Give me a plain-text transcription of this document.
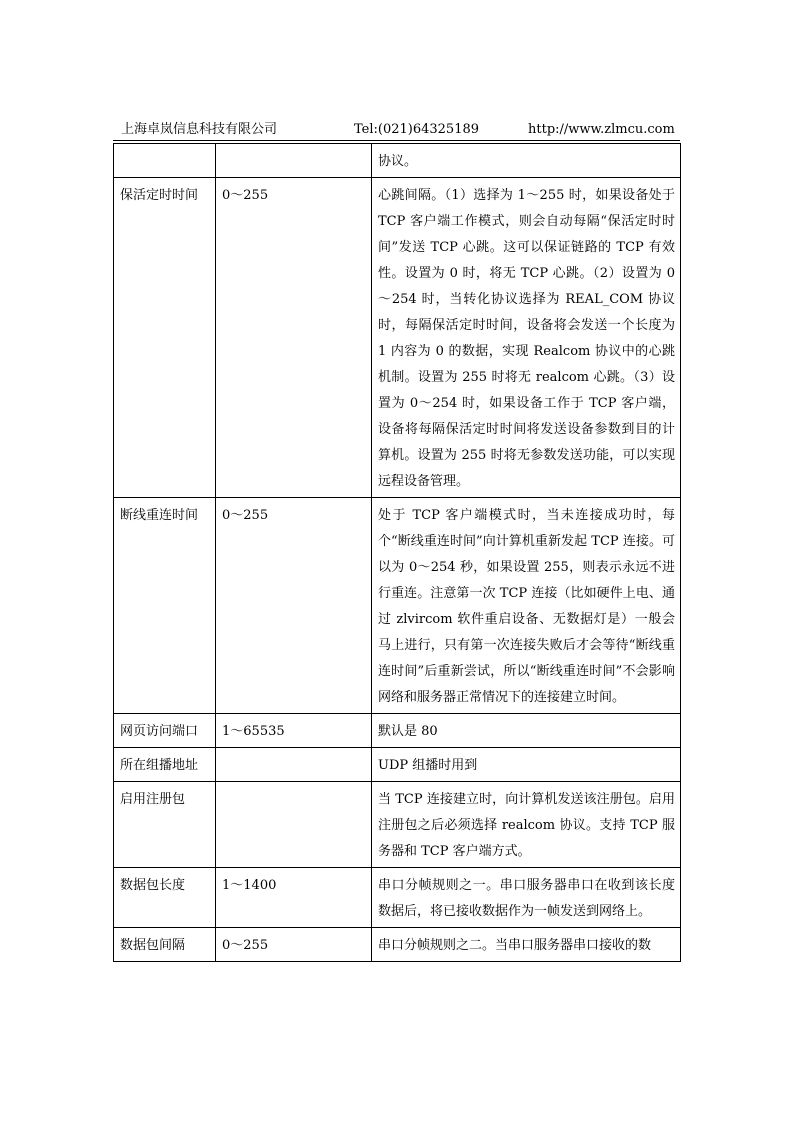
上海卓岚信息科技有限公司	Tel:(021)64325189	http://www.zlmcu.com
		协议。
保活定时时间	0～255	心跳间隔。（1）选择为 1～255 时，如果设备处于 TCP 客户端工作模式，则会自动每隔“保活定时时间”发送 TCP 心跳。这可以保证链路的 TCP 有效性。设置为 0 时，将无 TCP 心跳。（2）设置为 0～254 时，当转化协议选择为 REAL_COM 协议时，每隔保活定时时间，设备将会发送一个长度为 1 内容为 0 的数据，实现 Realcom 协议中的心跳机制。设置为 255 时将无 realcom 心跳。（3）设置为 0～254 时，如果设备工作于 TCP 客户端，设备将每隔保活定时时间将发送设备参数到目的计算机。设置为 255 时将无参数发送功能，可以实现远程设备管理。
断线重连时间	0～255	处于 TCP 客户端模式时，当未连接成功时，每个“断线重连时间”向计算机重新发起 TCP 连接。可以为 0～254 秒，如果设置 255，则表示永远不进行重连。注意第一次 TCP 连接（比如硬件上电、通过 zlvircom 软件重启设备、无数据灯是）一般会马上进行，只有第一次连接失败后才会等待“断线重连时间”后重新尝试，所以“断线重连时间”不会影响网络和服务器正常情况下的连接建立时间。
网页访问端口	1～65535	默认是 80
所在组播地址		UDP 组播时用到
启用注册包		当 TCP 连接建立时，向计算机发送该注册包。启用注册包之后必须选择 realcom 协议。支持 TCP 服务器和 TCP 客户端方式。
数据包长度	1～1400	串口分帧规则之一。串口服务器串口在收到该长度数据后，将已接收数据作为一帧发送到网络上。
数据包间隔	0～255	串口分帧规则之二。当串口服务器串口接收的数
